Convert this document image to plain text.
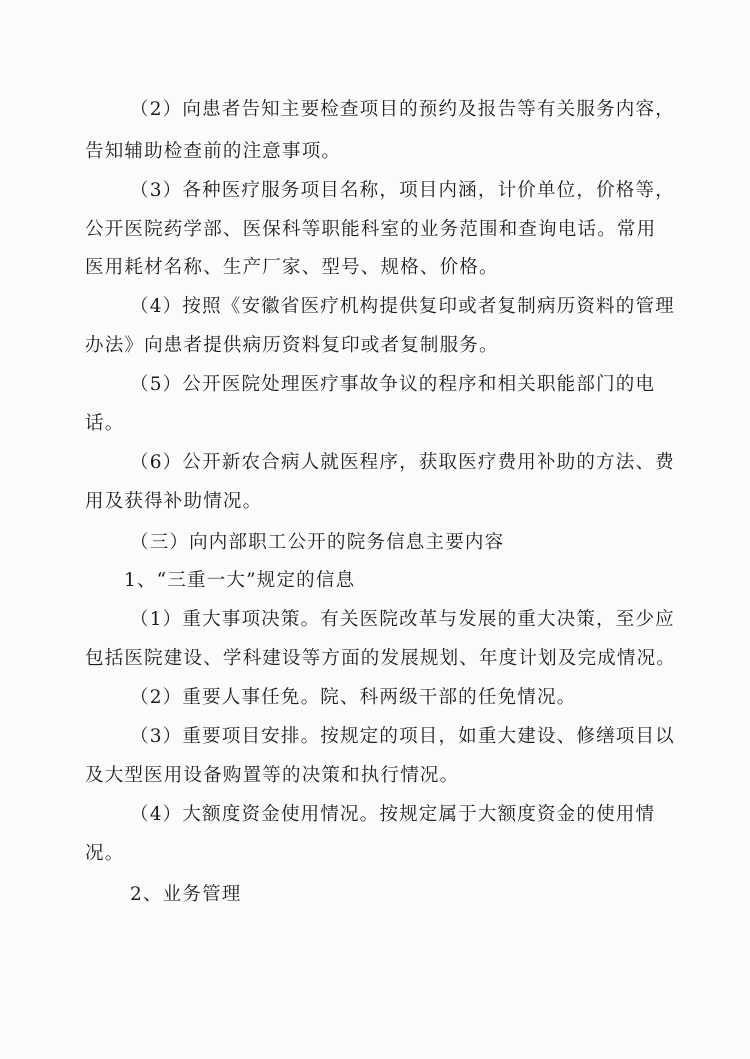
（2）向患者告知主要检查项目的预约及报告等有关服务内容，
告知辅助检查前的注意事项。
（3）各种医疗服务项目名称，项目内涵，计价单位，价格等，
公开医院药学部、医保科等职能科室的业务范围和查询电话。常用
医用耗材名称、生产厂家、型号、规格、价格。
（4）按照《安徽省医疗机构提供复印或者复制病历资料的管理
办法》向患者提供病历资料复印或者复制服务。
（5）公开医院处理医疗事故争议的程序和相关职能部门的电
话。
（6）公开新农合病人就医程序，获取医疗费用补助的方法、费
用及获得补助情况。
（三）向内部职工公开的院务信息主要内容
1、“三重一大”规定的信息
（1）重大事项决策。有关医院改革与发展的重大决策，至少应
包括医院建设、学科建设等方面的发展规划、年度计划及完成情况。
（2）重要人事任免。院、科两级干部的任免情况。
（3）重要项目安排。按规定的项目，如重大建设、修缮项目以
及大型医用设备购置等的决策和执行情况。
（4）大额度资金使用情况。按规定属于大额度资金的使用情
况。
2、业务管理
